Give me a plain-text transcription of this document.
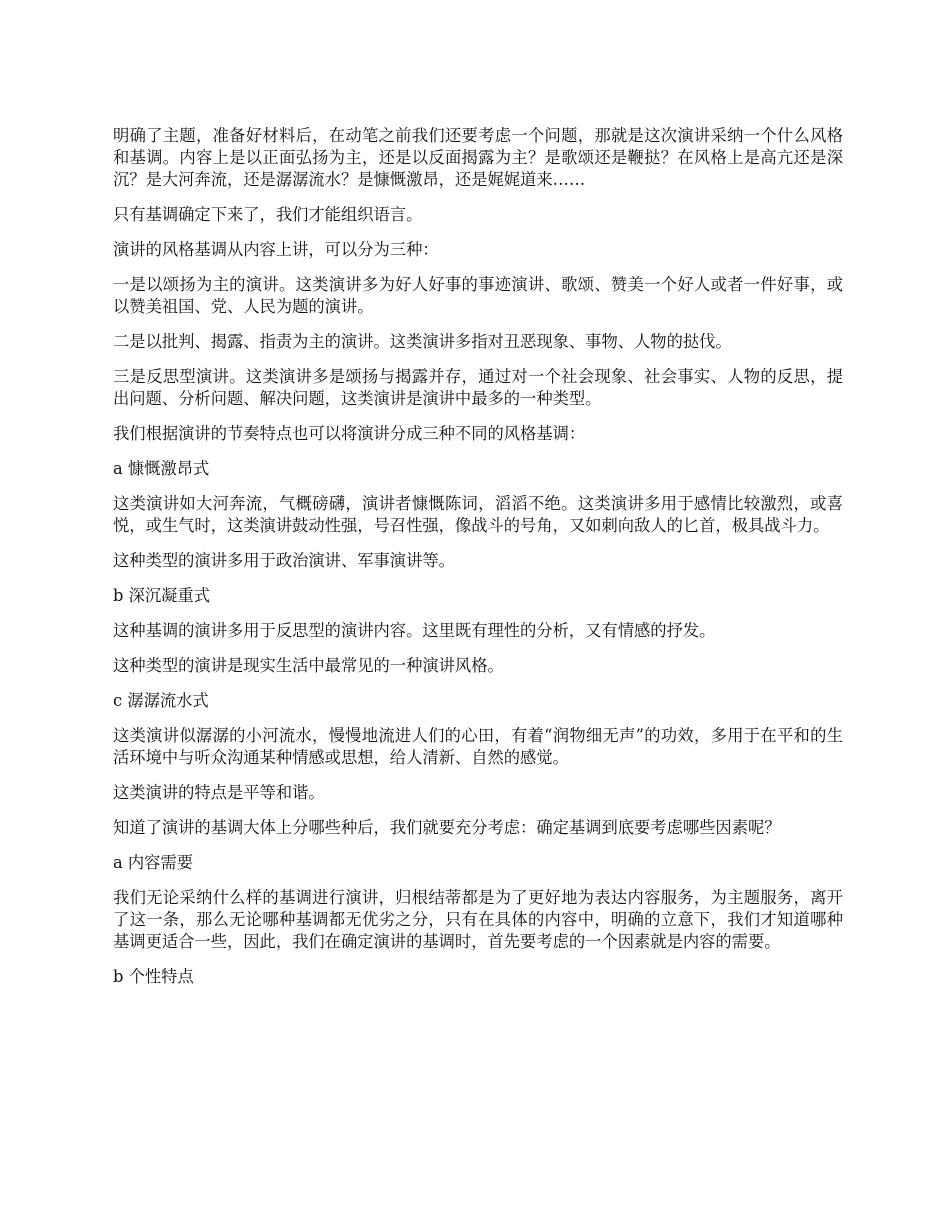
明确了主题，准备好材料后，在动笔之前我们还要考虑一个问题，那就是这次演讲采纳一个什么风格和基调。内容上是以正面弘扬为主，还是以反面揭露为主？是歌颂还是鞭挞？在风格上是高亢还是深沉？是大河奔流，还是潺潺流水？是慷慨激昂，还是娓娓道来……

只有基调确定下来了，我们才能组织语言。

演讲的风格基调从内容上讲，可以分为三种：

一是以颂扬为主的演讲。这类演讲多为好人好事的事迹演讲、歌颂、赞美一个好人或者一件好事，或以赞美祖国、党、人民为题的演讲。

二是以批判、揭露、指责为主的演讲。这类演讲多指对丑恶现象、事物、人物的挞伐。

三是反思型演讲。这类演讲多是颂扬与揭露并存，通过对一个社会现象、社会事实、人物的反思，提出问题、分析问题、解决问题，这类演讲是演讲中最多的一种类型。

我们根据演讲的节奏特点也可以将演讲分成三种不同的风格基调：

a 慷慨激昂式

这类演讲如大河奔流，气概磅礴，演讲者慷慨陈词，滔滔不绝。这类演讲多用于感情比较激烈，或喜悦，或生气时，这类演讲鼓动性强，号召性强，像战斗的号角，又如刺向敌人的匕首，极具战斗力。

这种类型的演讲多用于政治演讲、军事演讲等。

b 深沉凝重式

这种基调的演讲多用于反思型的演讲内容。这里既有理性的分析，又有情感的抒发。

这种类型的演讲是现实生活中最常见的一种演讲风格。

c 潺潺流水式

这类演讲似潺潺的小河流水，慢慢地流进人们的心田，有着“润物细无声”的功效，多用于在平和的生活环境中与听众沟通某种情感或思想，给人清新、自然的感觉。

这类演讲的特点是平等和谐。

知道了演讲的基调大体上分哪些种后，我们就要充分考虑：确定基调到底要考虑哪些因素呢？

a 内容需要

我们无论采纳什么样的基调进行演讲，归根结蒂都是为了更好地为表达内容服务，为主题服务，离开了这一条，那么无论哪种基调都无优劣之分，只有在具体的内容中，明确的立意下，我们才知道哪种基调更适合一些，因此，我们在确定演讲的基调时，首先要考虑的一个因素就是内容的需要。

b 个性特点
